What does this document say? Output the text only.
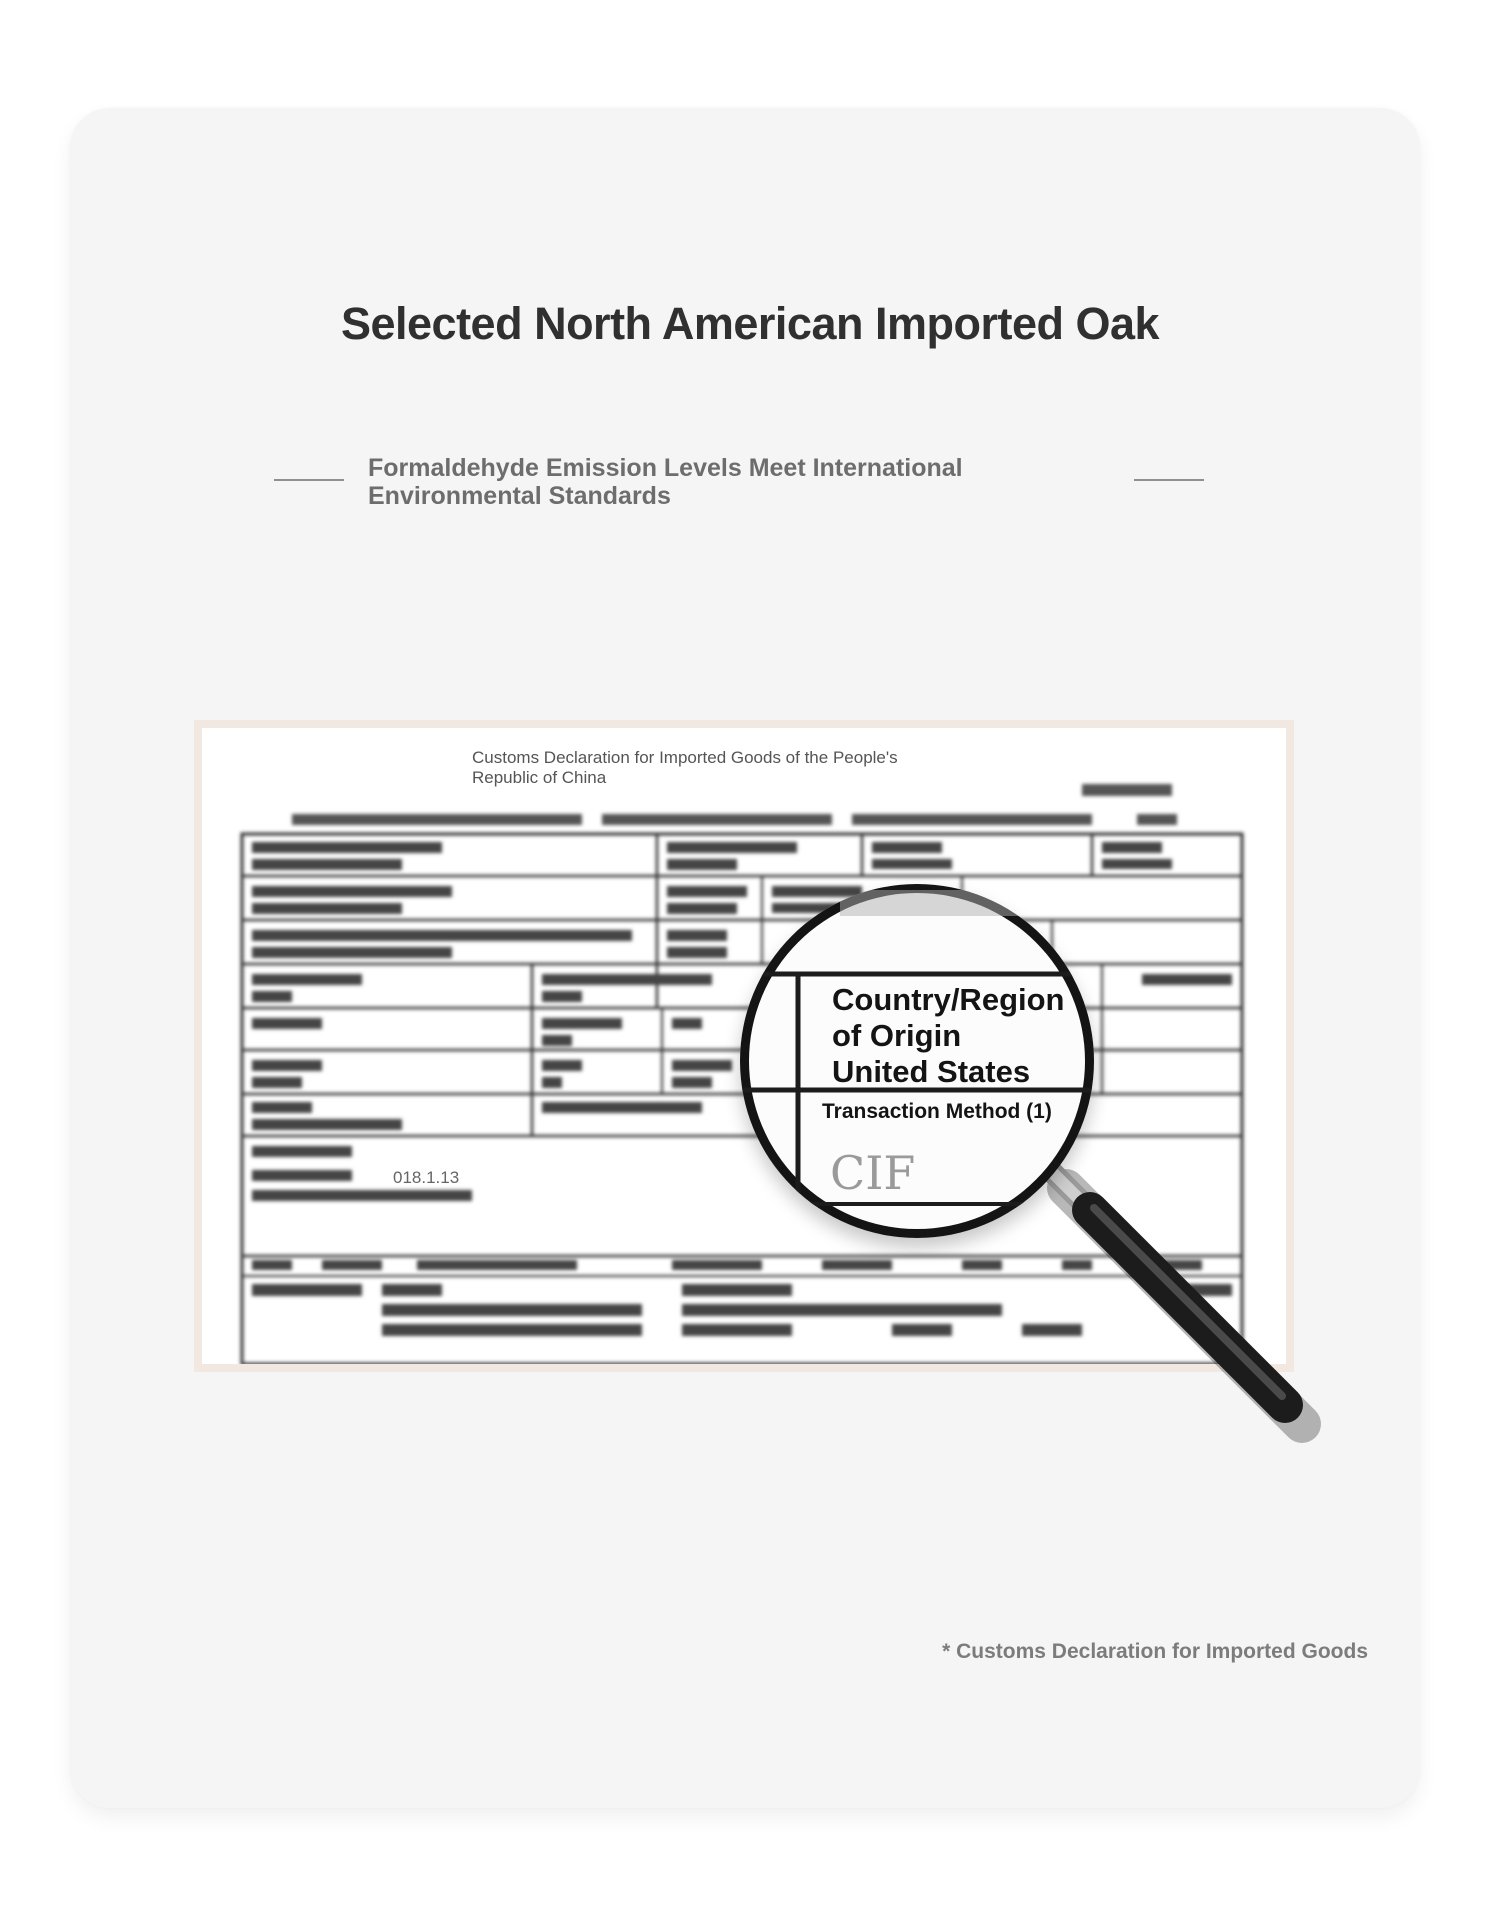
Selected North American Imported Oak
Formaldehyde Emission Levels Meet International Environmental Standards
Customs Declaration for Imported Goods of the People's Republic of China
018.1.13
Country/Region of Origin
United States
Transaction Method (1)
CIF
* Customs Declaration for Imported Goods
